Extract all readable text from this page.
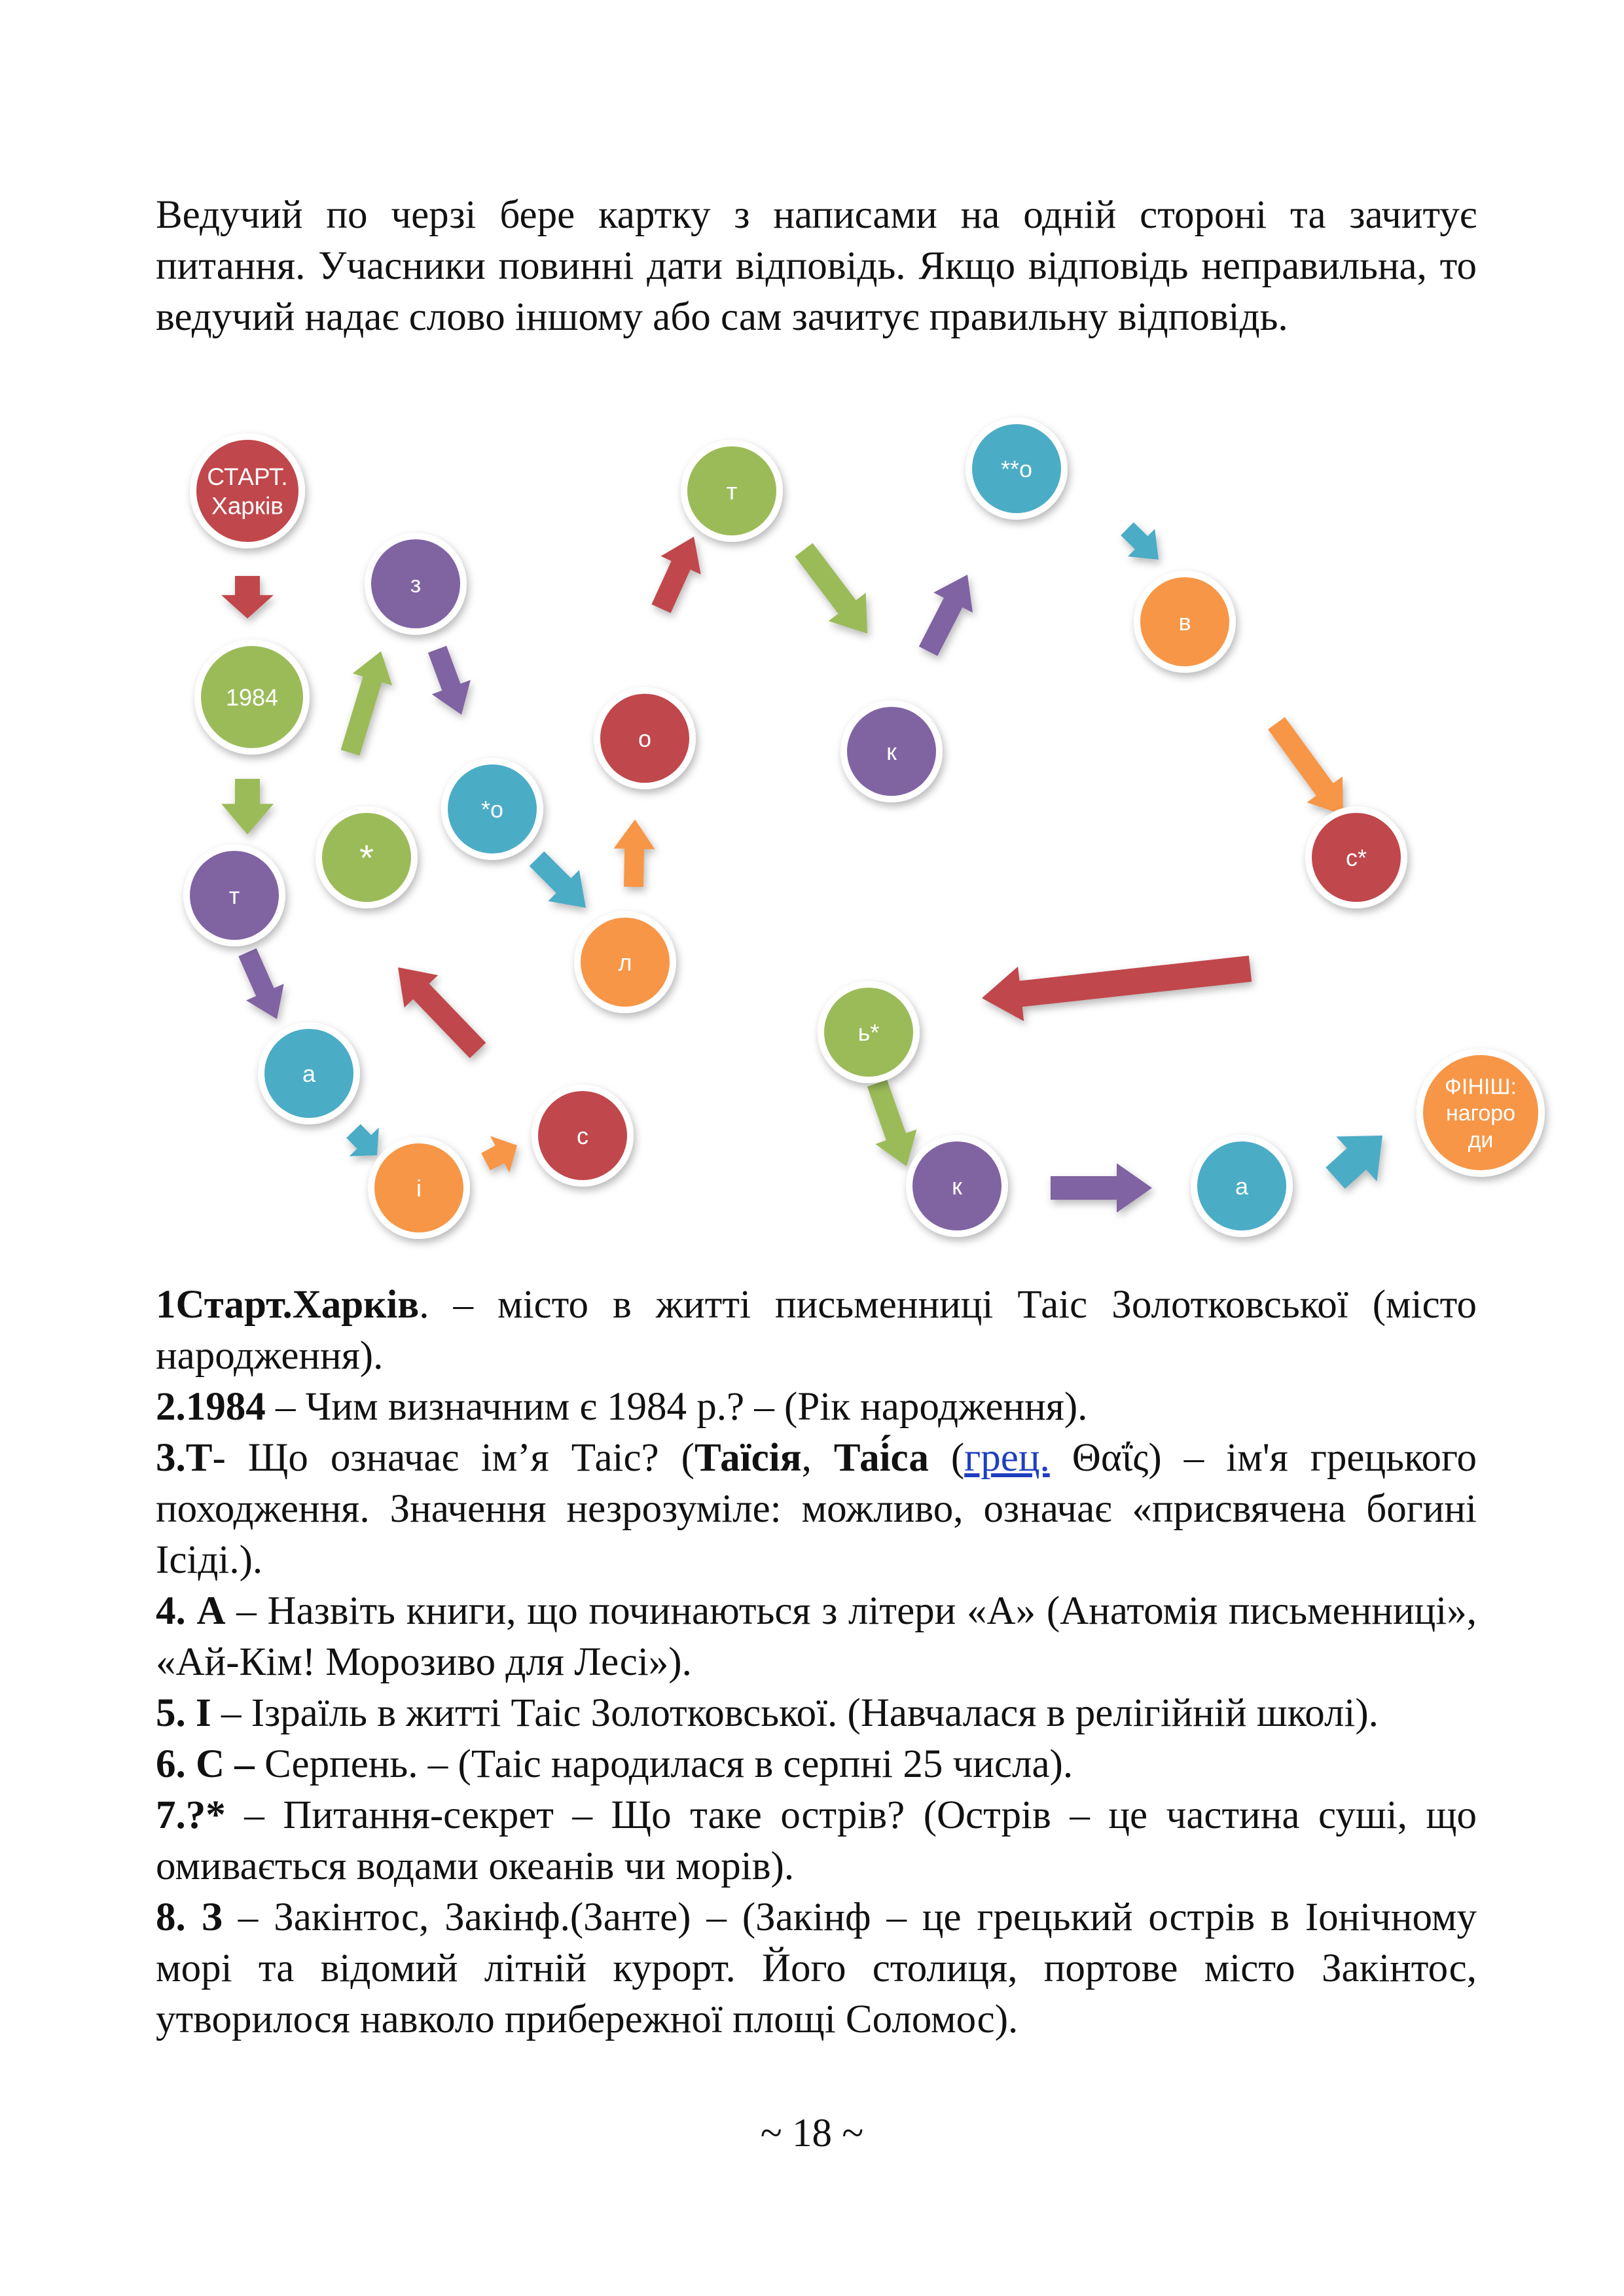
Ведучий по черзі бере картку з написами на одній стороні та зачитує питання. Учасники повинні дати відповідь. Якщо відповідь неправильна, то ведучий надає слово іншому або сам зачитує правильну відповідь.

СТАРТ.
Харків
1984
т
а
і
с
*
з
*о
л
о
т
к
**о
в
с*
ь*
к	а
ФІНІШ:
нагоро
ди

1Старт.Харків. – місто в житті письменниці Таіс Золотковської (місто народження).

2.1984 – Чим визначним є 1984 р.? – (Рік народження).

3.Т- Що означає ім’я Таіс? (Таїсія, Таі́са (грец. Θαΐς) – ім'я грецького походження. Значення незрозуміле: можливо, означає «присвячена богині Ісіді.).

4. А – Назвіть книги, що починаються з літери «А» (Анатомія письменниці», «Ай-Кім! Морозиво для Лесі»).

5. І – Ізраїль в житті Таіс Золотковської. (Навчалася в релігійній школі).

6. С – Серпень. – (Таіс народилася в серпні 25 числа).

7.?* – Питання-секрет – Що таке острів? (Острів – це частина суші, що омивається водами океанів чи морів).

8. З – Закінтос, Закінф.(Занте) – (Закінф – це грецький острів в Іонічному морі та відомий літній курорт. Його столиця, портове місто Закінтос, утворилося навколо прибережної площі Соломос).

~ 18 ~
